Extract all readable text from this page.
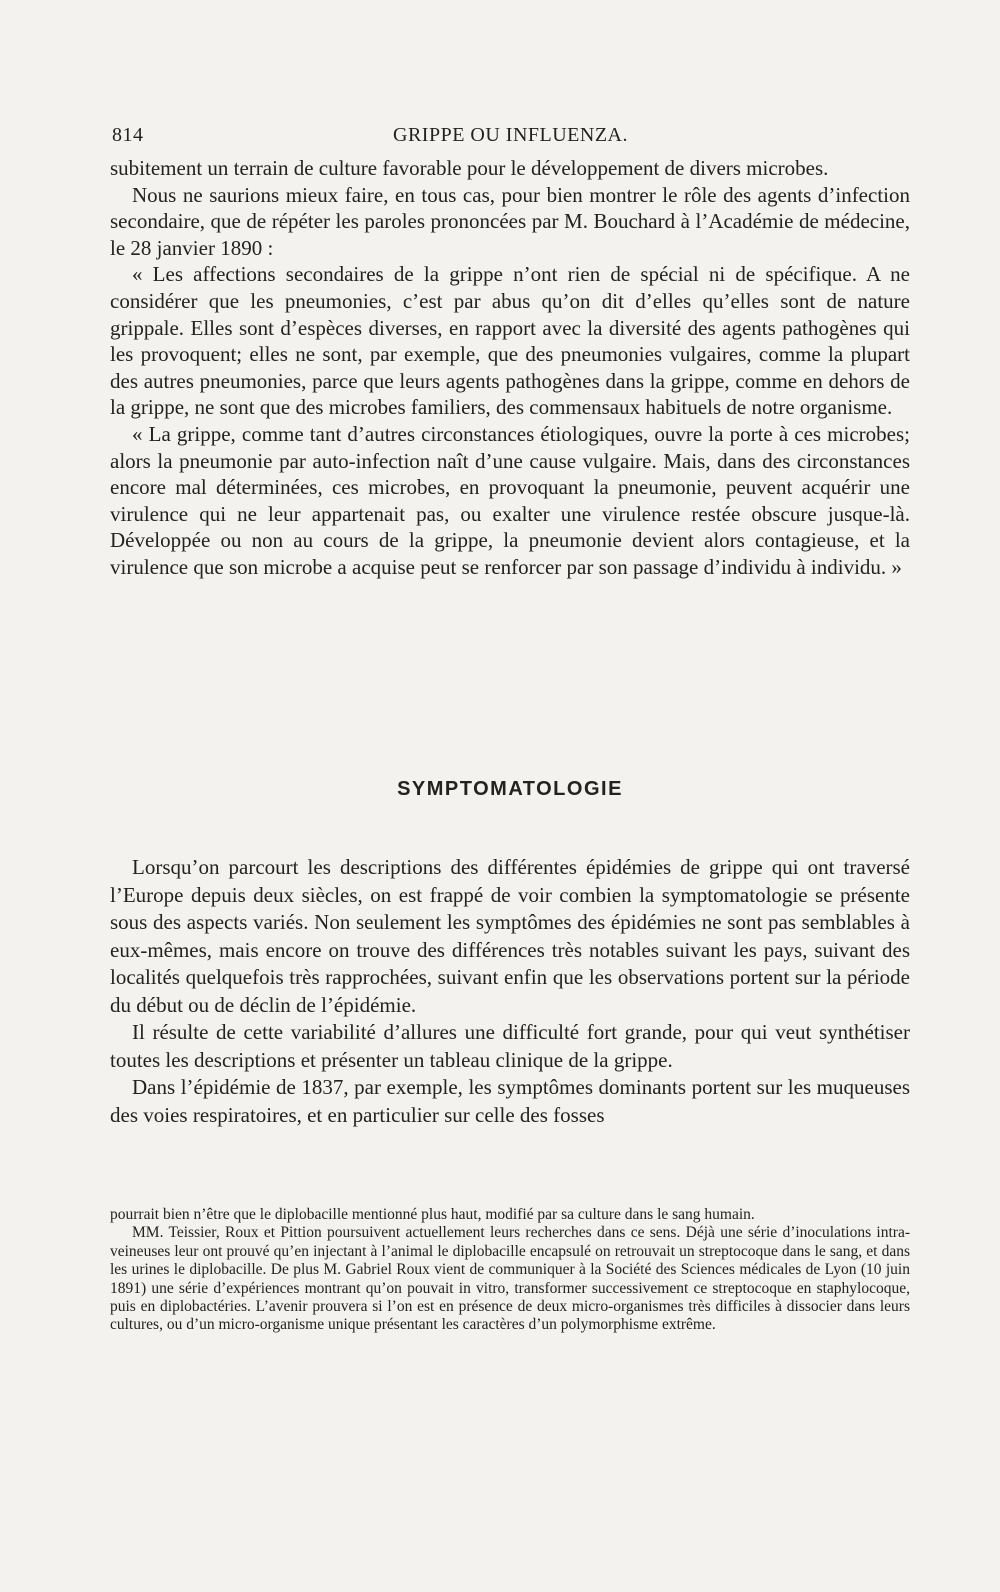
814	GRIPPE OU INFLUENZA.

subitement un terrain de culture favorable pour le développement de divers microbes.

Nous ne saurions mieux faire, en tous cas, pour bien montrer le rôle des agents d’infection secondaire, que de répéter les paroles prononcées par M. Bouchard à l’Académie de médecine, le 28 janvier 1890 :

« Les affections secondaires de la grippe n’ont rien de spécial ni de spécifique. A ne considérer que les pneumonies, c’est par abus qu’on dit d’elles qu’elles sont de nature grippale. Elles sont d’espèces diverses, en rapport avec la diversité des agents pathogènes qui les provoquent; elles ne sont, par exemple, que des pneumonies vulgaires, comme la plupart des autres pneumonies, parce que leurs agents pathogènes dans la grippe, comme en dehors de la grippe, ne sont que des microbes familiers, des commensaux habituels de notre organisme.

« La grippe, comme tant d’autres circonstances étiologiques, ouvre la porte à ces microbes; alors la pneumonie par auto-infection naît d’une cause vulgaire. Mais, dans des circonstances encore mal déterminées, ces microbes, en provoquant la pneumonie, peuvent acquérir une virulence qui ne leur appartenait pas, ou exalter une virulence restée obscure jusque-là. Développée ou non au cours de la grippe, la pneumonie devient alors contagieuse, et la virulence que son microbe a acquise peut se renforcer par son passage d’individu à individu. »

SYMPTOMATOLOGIE

Lorsqu’on parcourt les descriptions des différentes épidémies de grippe qui ont traversé l’Europe depuis deux siècles, on est frappé de voir combien la symptomatologie se présente sous des aspects variés. Non seulement les symptômes des épidémies ne sont pas semblables à eux-mêmes, mais encore on trouve des différences très notables suivant les pays, suivant des localités quelquefois très rapprochées, suivant enfin que les observations portent sur la période du début ou de déclin de l’épidémie.

Il résulte de cette variabilité d’allures une difficulté fort grande, pour qui veut synthétiser toutes les descriptions et présenter un tableau clinique de la grippe.

Dans l’épidémie de 1837, par exemple, les symptômes dominants portent sur les muqueuses des voies respiratoires, et en particulier sur celle des fosses

pourrait bien n’être que le diplobacille mentionné plus haut, modifié par sa culture dans le sang humain.

MM. Teissier, Roux et Pittion poursuivent actuellement leurs recherches dans ce sens. Déjà une série d’inoculations intra-veineuses leur ont prouvé qu’en injectant à l’animal le diplobacille encapsulé on retrouvait un streptocoque dans le sang, et dans les urines le diplobacille. De plus M. Gabriel Roux vient de communiquer à la Société des Sciences médicales de Lyon (10 juin 1891) une série d’expériences montrant qu’on pouvait in vitro, transformer successivement ce streptocoque en staphylocoque, puis en diplobactéries. L’avenir prouvera si l’on est en présence de deux micro-organismes très difficiles à dissocier dans leurs cultures, ou d’un micro-organisme unique présentant les caractères d’un polymorphisme extrême.
